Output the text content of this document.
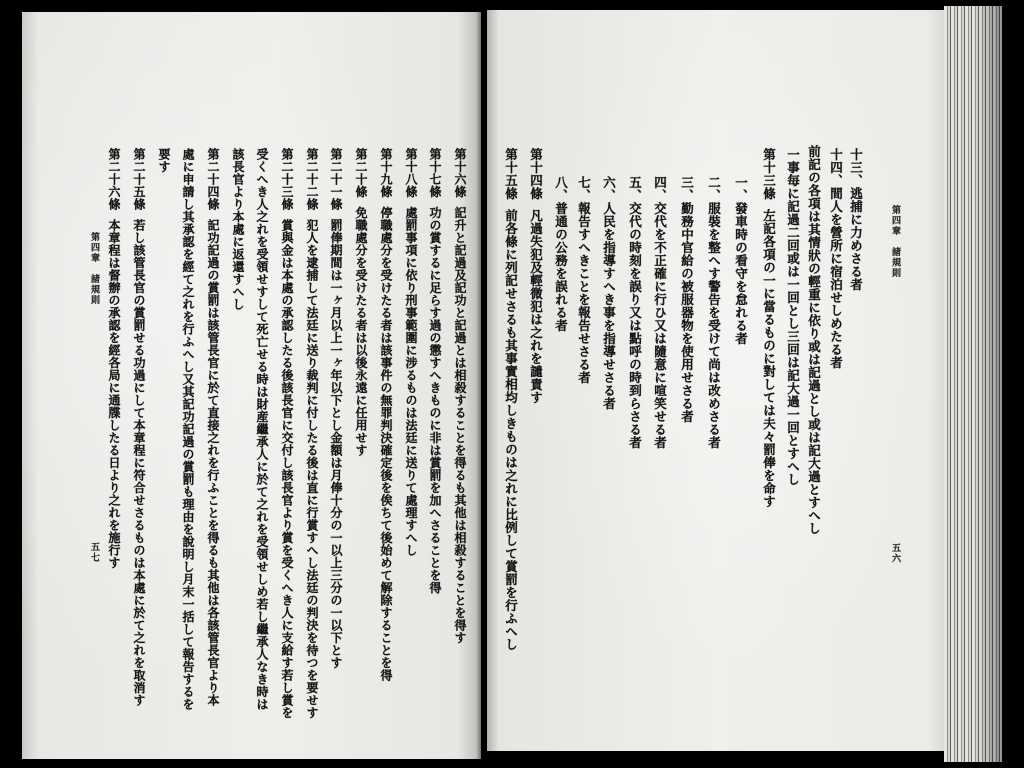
第十六條記升と記過及記功と記過とは相殺することを得るも其他は相殺することを得す
第十七條功の賞するに足らす過の懲すへきものに非は賞罰を加へさることを得
第十八條處罰事項に依り刑事範圍に涉るものは法廷に送りて處理すへし
第十九條停職處分を受けたる者は該事件の無罪判決確定後を俟ちて後始めて解除することを得
第二十條免職處分を受けたる者は以後永遠に任用せす
第二十一條罰俸期間は一ヶ月以上一ヶ年以下とし金額は月俸十分の一以上三分の一以下とす
第二十二條犯人を逮捕して法廷に送り裁判に付したる後は直に行賞すへし法廷の判決を待つを要せす
第二十三條賞與金は本處の承認したる後該長官に交付し該長官より賞を受くへき人に支給す若し賞を
受くへき人之れを受領せすして死亡せる時は財産繼承人に於て之れを受領せしめ若し繼承人なき時は
該長官より本處に返還すへし
第二十四條記功記過の賞罰は該管長官に於て直接之れを行ふことを得るも其他は各該管長官より本
處に申請し其承認を經て之れを行ふへし又其記功記過の賞罰も理由を說明し月末一括して報告するを
要す
第二十五條若し該管長官の賞罰せる功過にして本章程に符合せさるものは本處に於て之れを取消す
第二十六條本章程は督辦の承認を經各局に通牒したる日より之れを施行す
第四章　諸規則
五七
第四章　諸規則
五六
十三、逃捕に力めさる者
十四、間人を營所に宿泊せしめたる者
前記の各項は其情狀の輕重に依り或は記過とし或は記大過とすへし
一事毎に記過二回或は一回とし三回は記大過一回とすへし
第十三條左記各項の一に當るものに對しては夫々罰俸を命す
一、發車時の看守を怠れる者
二、服裝を整へす警告を受けて尚は改めさる者
三、勤務中官給の被服器物を使用せさる者
四、交代を不正確に行ひ又は隨意に喧笑せる者
五、交代の時刻を誤り又は點呼の時到らさる者
六、人民を指導すへき事を指導せさる者
七、報告すへきことを報告せさる者
八、普通の公務を誤れる者
第十四條凡過失犯及輕微犯は之れを譴責す
第十五條前各條に列記せさるも其事實相均しきものは之れに比例して賞罰を行ふへし
